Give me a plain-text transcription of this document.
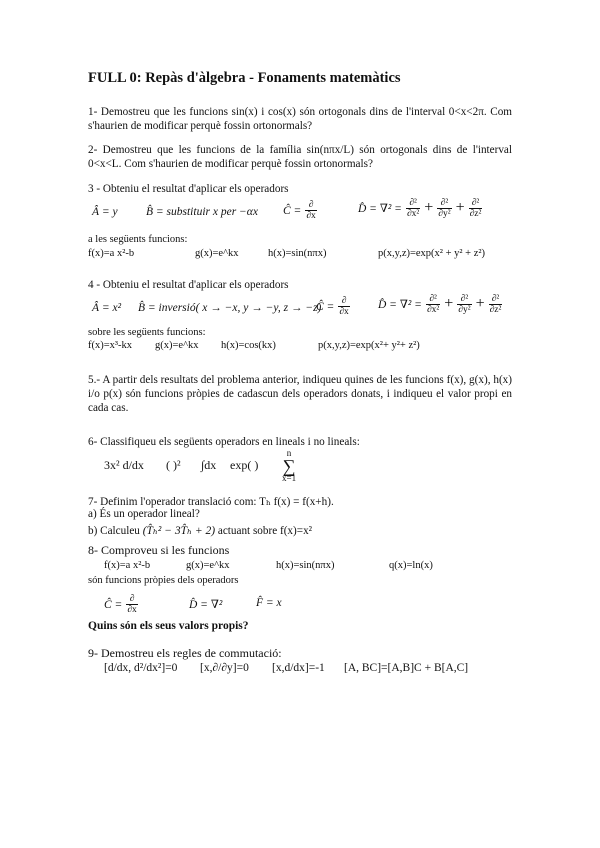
FULL 0: Repàs d'àlgebra - Fonaments matemàtics
1- Demostreu que les funcions sin(x) i cos(x) són ortogonals dins de l'interval 0<x<2π. Com s'haurien de modificar perquè fossin ortonormals?
2- Demostreu que les funcions de la família sin(nπx/L) són ortogonals dins de l'interval 0<x<L. Com s'haurien de modificar perquè fossin ortonormals?
3 - Obteniu el resultat d'aplicar els operadors
Â = y B̂ = substituir x per −αx Ĉ = $\frac{\partial}{\partial x}$	D̂ = $\nabla^2 = \frac{\text{∂²}}{\text{∂x²}} + \frac{\text{∂²}}{\text{∂y²}} + \frac{\text{∂²}}{\text{∂z²}}$
a les següents funcions:
f(x)=a x²-b	g(x)=e^kx	h(x)=sin(nπx)	p(x,y,z)=exp(x² + y² + z²)
4 - Obteniu el resultat d'aplicar els operadors
Â = x² B̂ = inversió( x → −x, y → −y, z → −z)
Ĉ = $\frac{\partial}{\partial x}$ D̂ = $\nabla^2 = \frac{\text{∂²}}{\text{∂x²}} + \frac{\text{∂²}}{\text{∂y²}} + \frac{\text{∂²}}{\text{∂z²}}$
sobre les següents funcions:
f(x)=x³-kx g(x)=e^kx h(x)=cos(kx)	p(x,y,z)=exp(x²+ y²+ z²)
5.- A partir dels resultats del problema anterior, indiqueu quines de les funcions f(x), g(x), h(x) i/o p(x) són funcions pròpies de cadascun dels operadors donats, i indiqueu el valor propi en cada cas.
6- Classifiqueu els següents operadors en lineals i no lineals:
3x² d/dx ( )² ∫dx exp( )
n
∑
x=1
7- Definim l'operador translació com: Tₕ f(x) = f(x+h).
a) És un operador lineal?
b) Calculeu (T̂ₕ² − 3T̂ₕ + 2) actuant sobre f(x)=x²
8- Comproveu si les funcions
f(x)=a x²-b	g(x)=e^kx	h(x)=sin(nπx)	q(x)=ln(x)
són funcions pròpies dels operadors
Ĉ = $\frac{\partial}{\partial x}$	D̂ = ∇²	F̂ = x
Quins són els seus valors propis?
9- Demostreu els regles de commutació:
[d/dx, d²/dx²]=0 [x,∂/∂y]=0 [x,d/dx]=-1 [A, BC]=[A,B]C + B[A,C]
